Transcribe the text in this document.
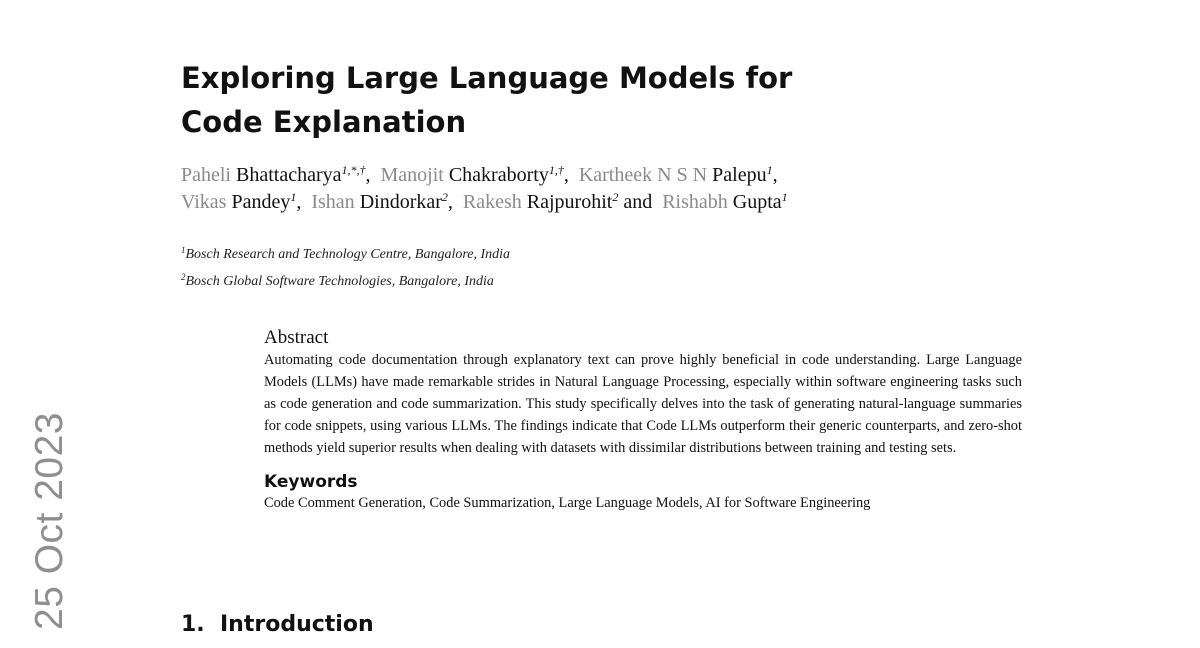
25 Oct 2023
Exploring Large Language Models for
Code Explanation
Paheli Bhattacharya$^{1,*,\dagger}$,  Manojit Chakraborty$^{1,\dagger}$,  Kartheek N S N Palepu$^1$,
Vikas Pandey$^1$,  Ishan Dindorkar$^2$,  Rakesh Rajpurohit$^2$ and  Rishabh Gupta$^1$
$^1$Bosch Research and Technology Centre, Bangalore, India
$^2$Bosch Global Software Technologies, Bangalore, India
Abstract

Automating code documentation through explanatory text can prove highly beneficial in code understanding. Large Language Models (LLMs) have made remarkable strides in Natural Language Processing, especially within software engineering tasks such as code generation and code summarization. This study specifically delves into the task of generating natural-language summaries for code snippets, using various LLMs. The findings indicate that Code LLMs outperform their generic counterparts, and zero-shot methods yield superior results when dealing with datasets with dissimilar distributions between training and testing sets.

Keywords
Code Comment Generation, Code Summarization, Large Language Models, AI for Software Engineering
1. Introduction
